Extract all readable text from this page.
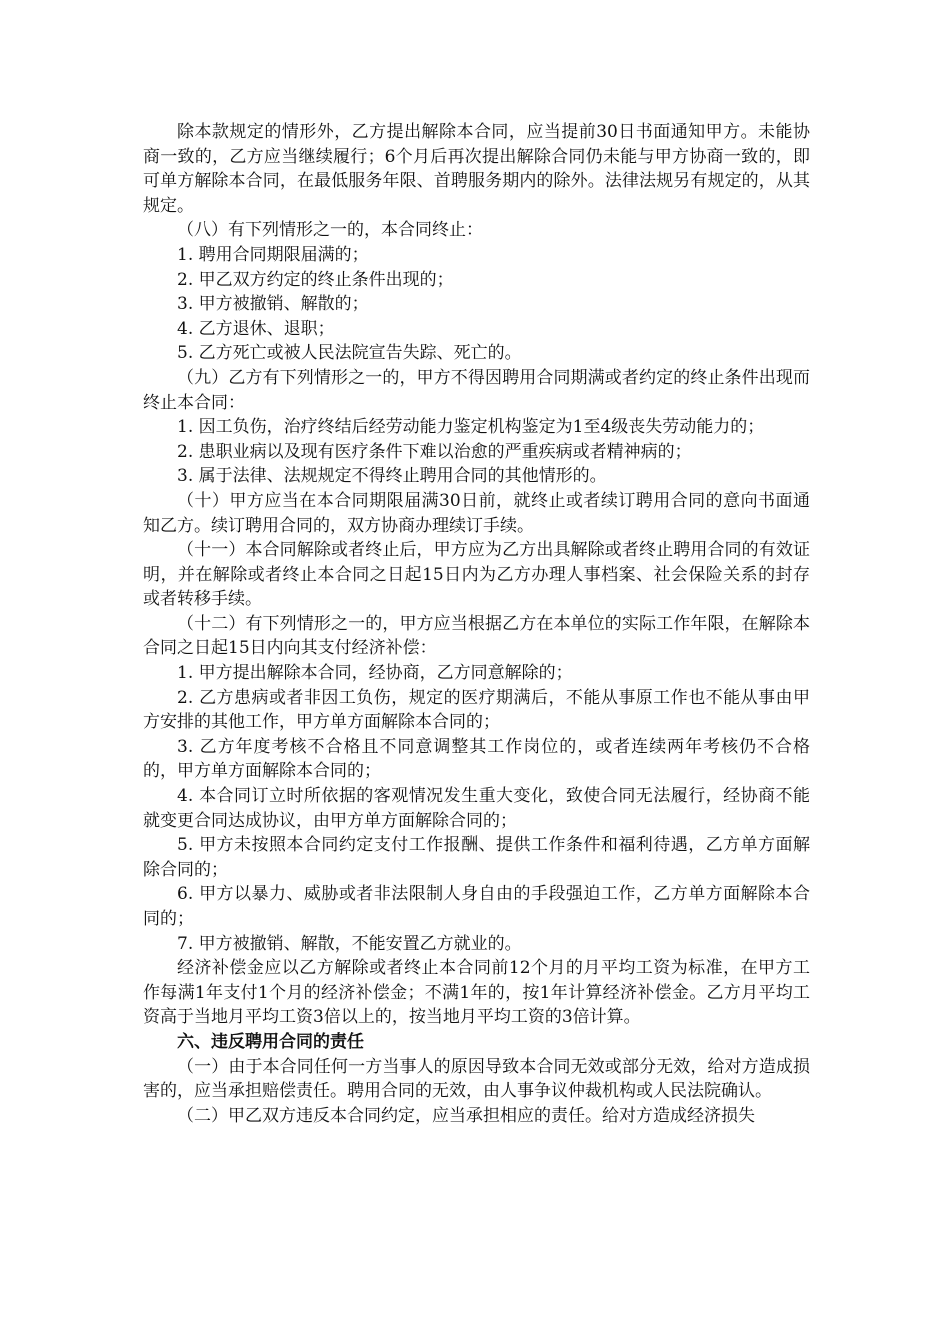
除本款规定的情形外，乙方提出解除本合同，应当提前30日书面通知甲方。未能协商一致的，乙方应当继续履行；6个月后再次提出解除合同仍未能与甲方协商一致的，即可单方解除本合同，在最低服务年限、首聘服务期内的除外。法律法规另有规定的，从其规定。

（八）有下列情形之一的，本合同终止：

1. 聘用合同期限届满的；

2. 甲乙双方约定的终止条件出现的；

3. 甲方被撤销、解散的；

4. 乙方退休、退职；

5. 乙方死亡或被人民法院宣告失踪、死亡的。

（九）乙方有下列情形之一的，甲方不得因聘用合同期满或者约定的终止条件出现而终止本合同：

1. 因工负伤，治疗终结后经劳动能力鉴定机构鉴定为1至4级丧失劳动能力的；

2. 患职业病以及现有医疗条件下难以治愈的严重疾病或者精神病的；

3. 属于法律、法规规定不得终止聘用合同的其他情形的。

（十）甲方应当在本合同期限届满30日前，就终止或者续订聘用合同的意向书面通知乙方。续订聘用合同的，双方协商办理续订手续。

（十一）本合同解除或者终止后，甲方应为乙方出具解除或者终止聘用合同的有效证明，并在解除或者终止本合同之日起15日内为乙方办理人事档案、社会保险关系的封存或者转移手续。

（十二）有下列情形之一的，甲方应当根据乙方在本单位的实际工作年限，在解除本合同之日起15日内向其支付经济补偿：

1. 甲方提出解除本合同，经协商，乙方同意解除的；

2. 乙方患病或者非因工负伤，规定的医疗期满后，不能从事原工作也不能从事由甲方安排的其他工作，甲方单方面解除本合同的；

3. 乙方年度考核不合格且不同意调整其工作岗位的，或者连续两年考核仍不合格的，甲方单方面解除本合同的；

4. 本合同订立时所依据的客观情况发生重大变化，致使合同无法履行，经协商不能就变更合同达成协议，由甲方单方面解除合同的；

5. 甲方未按照本合同约定支付工作报酬、提供工作条件和福利待遇，乙方单方面解除合同的；

6. 甲方以暴力、威胁或者非法限制人身自由的手段强迫工作，乙方单方面解除本合同的；

7. 甲方被撤销、解散，不能安置乙方就业的。

经济补偿金应以乙方解除或者终止本合同前12个月的月平均工资为标准，在甲方工作每满1年支付1个月的经济补偿金；不满1年的，按1年计算经济补偿金。乙方月平均工资高于当地月平均工资3倍以上的，按当地月平均工资的3倍计算。

六、违反聘用合同的责任

（一）由于本合同任何一方当事人的原因导致本合同无效或部分无效，给对方造成损害的，应当承担赔偿责任。聘用合同的无效，由人事争议仲裁机构或人民法院确认。

（二）甲乙双方违反本合同约定，应当承担相应的责任。给对方造成经济损失
